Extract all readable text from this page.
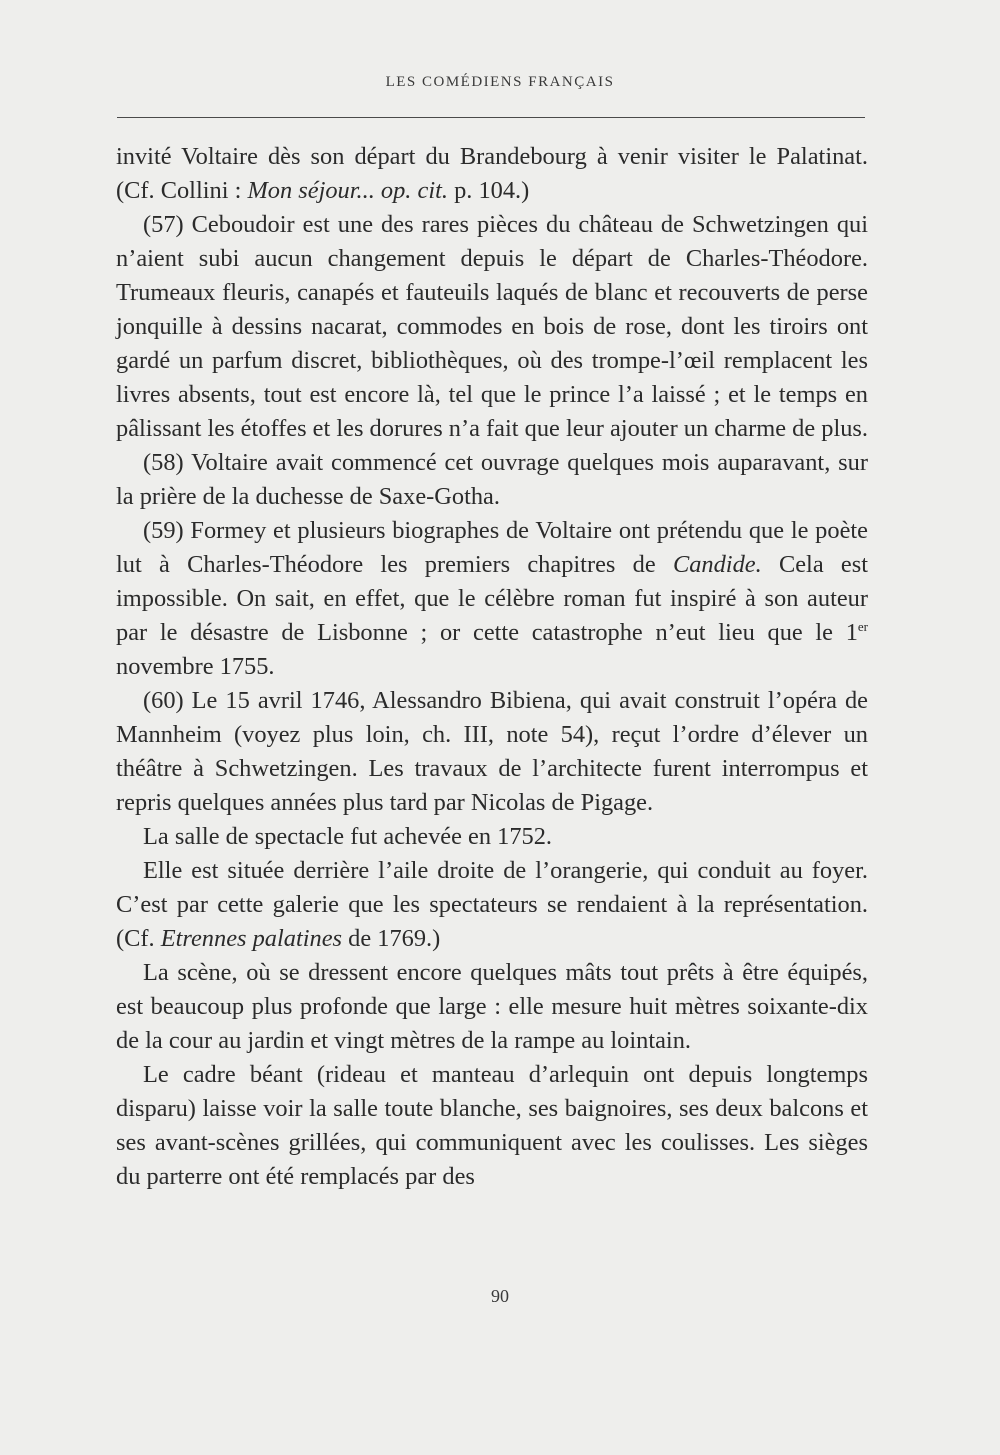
LES COMÉDIENS FRANÇAIS

invité Voltaire dès son départ du Brandebourg à venir visiter le Palatinat. (Cf. Collini : Mon séjour... op. cit. p. 104.)

(57) Ceboudoir est une des rares pièces du château de Schwetzingen qui n’aient subi aucun changement depuis le départ de Charles-Théodore. Trumeaux fleuris, canapés et fauteuils laqués de blanc et recouverts de perse jonquille à dessins nacarat, commodes en bois de rose, dont les tiroirs ont gardé un parfum discret, bibliothèques, où des trompe-l’œil remplacent les livres absents, tout est encore là, tel que le prince l’a laissé ; et le temps en pâlissant les étoffes et les dorures n’a fait que leur ajouter un charme de plus.

(58) Voltaire avait commencé cet ouvrage quelques mois auparavant, sur la prière de la duchesse de Saxe-Gotha.

(59) Formey et plusieurs biographes de Voltaire ont prétendu que le poète lut à Charles-Théodore les premiers chapitres de Candide. Cela est impossible. On sait, en effet, que le célèbre roman fut inspiré à son auteur par le désastre de Lisbonne ; or cette catastrophe n’eut lieu que le 1er novembre 1755.

(60) Le 15 avril 1746, Alessandro Bibiena, qui avait construit l’opéra de Mannheim (voyez plus loin, ch. III, note 54), reçut l’ordre d’élever un théâtre à Schwetzingen. Les travaux de l’architecte furent interrompus et repris quelques années plus tard par Nicolas de Pigage.

La salle de spectacle fut achevée en 1752.

Elle est située derrière l’aile droite de l’orangerie, qui conduit au foyer. C’est par cette galerie que les spectateurs se rendaient à la représentation. (Cf. Etrennes palatines de 1769.)

La scène, où se dressent encore quelques mâts tout prêts à être équipés, est beaucoup plus profonde que large : elle mesure huit mètres soixante-dix de la cour au jardin et vingt mètres de la rampe au lointain.

Le cadre béant (rideau et manteau d’arlequin ont depuis longtemps disparu) laisse voir la salle toute blanche, ses baignoires, ses deux balcons et ses avant-scènes grillées, qui communiquent avec les coulisses. Les sièges du parterre ont été remplacés par des

90
